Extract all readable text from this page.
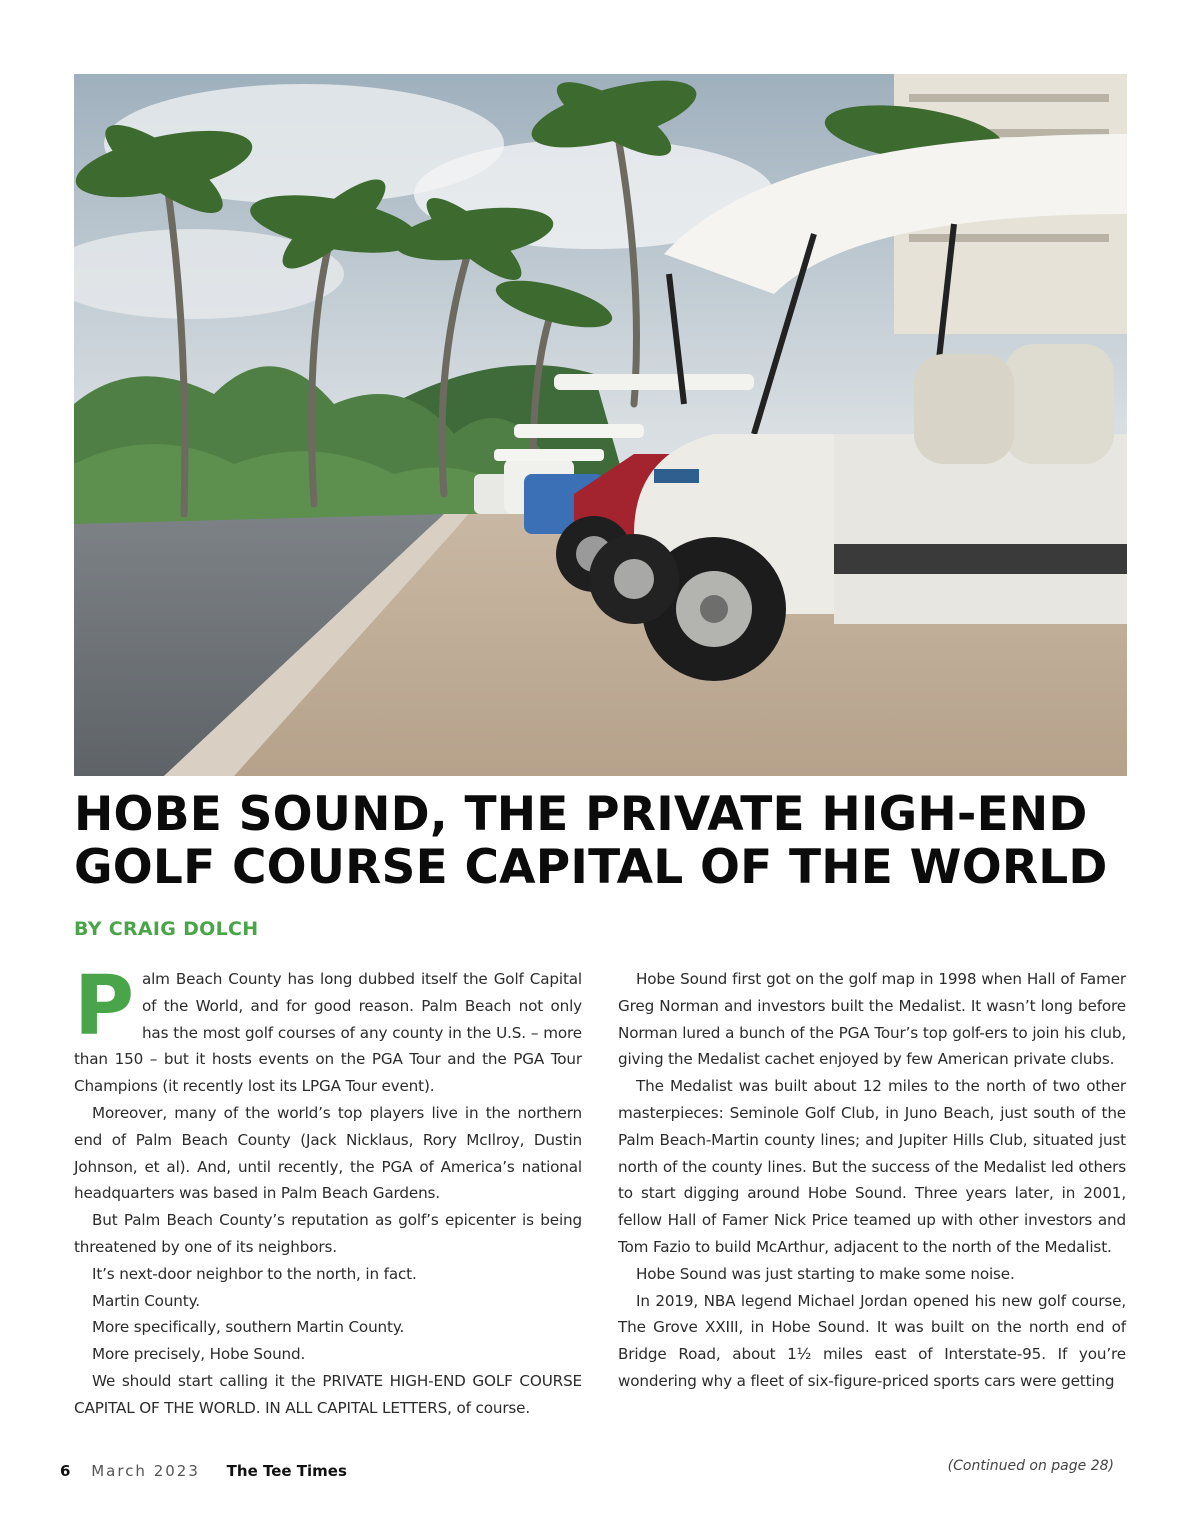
HOBE SOUND, THE PRIVATE HIGH-END
GOLF COURSE CAPITAL OF THE WORLD
BY CRAIG DOLCH

Palm Beach County has long dubbed itself the Golf Capital of the World, and for good reason. Palm Beach not only has the most golf courses of any county in the U.S. – more than 150 – but it hosts events on the PGA Tour and the PGA Tour Champions (it recently lost its LPGA Tour event).

Moreover, many of the world’s top players live in the northern end of Palm Beach County (Jack Nicklaus, Rory McIlroy, Dustin Johnson, et al). And, until recently, the PGA of America’s national headquarters was based in Palm Beach Gardens.

But Palm Beach County’s reputation as golf’s epicenter is being threatened by one of its neighbors.

It’s next-door neighbor to the north, in fact.

Martin County.

More specifically, southern Martin County.

More precisely, Hobe Sound.

We should start calling it the PRIVATE HIGH-END GOLF COURSE CAPITAL OF THE WORLD. IN ALL CAPITAL LETTERS, of course.

Hobe Sound first got on the golf map in 1998 when Hall of Famer Greg Norman and investors built the Medalist. It wasn’t long before Norman lured a bunch of the PGA Tour’s top golf-ers to join his club, giving the Medalist cachet enjoyed by few American private clubs.

The Medalist was built about 12 miles to the north of two other masterpieces: Seminole Golf Club, in Juno Beach, just south of the Palm Beach-Martin county lines; and Jupiter Hills Club, situated just north of the county lines. But the success of the Medalist led others to start digging around Hobe Sound. Three years later, in 2001, fellow Hall of Famer Nick Price teamed up with other investors and Tom Fazio to build McArthur, adjacent to the north of the Medalist.

Hobe Sound was just starting to make some noise.

In 2019, NBA legend Michael Jordan opened his new golf course, The Grove XXIII, in Hobe Sound. It was built on the north end of Bridge Road, about 1½ miles east of Interstate-95. If you’re wondering why a fleet of six-figure-priced sports cars were getting

6 March 2023 The Tee Times	(Continued on page 28)
